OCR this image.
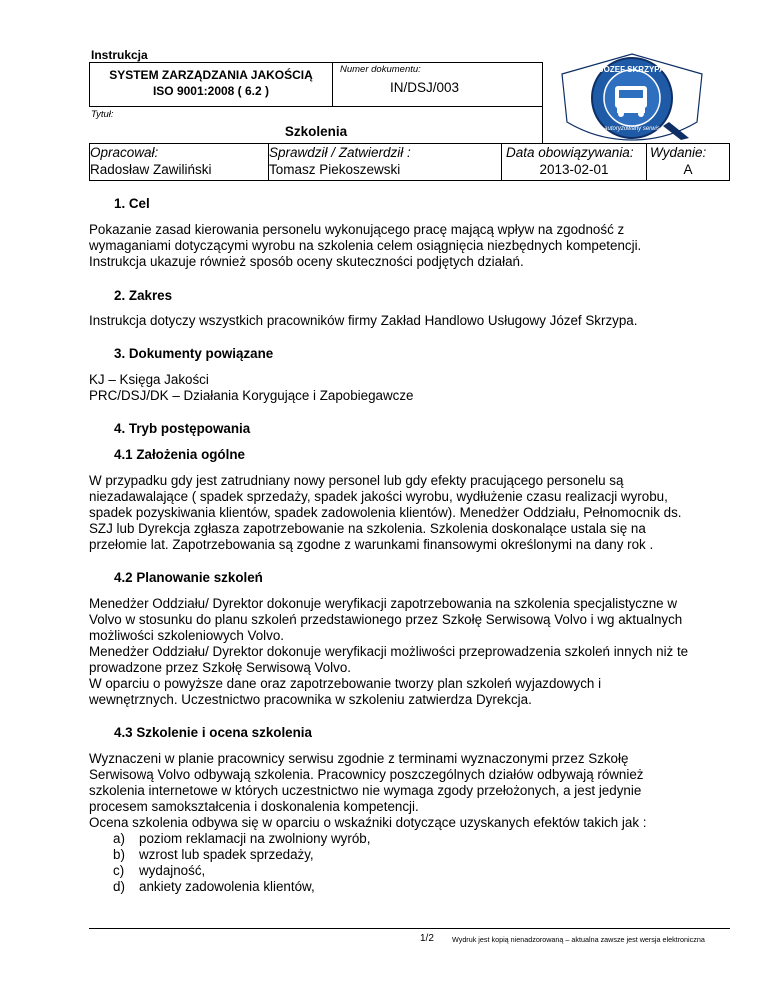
Instrukcja
SYSTEM ZARZĄDZANIA JAKOŚCIĄ
ISO 9001:2008 ( 6.2 )
Numer dokumentu:
IN/DSJ/003
Tytuł:
Szkolenia
Opracował:
Radosław Zawiliński
Sprawdził / Zatwierdził :
Tomasz Piekoszewski
Data obowiązywania:
2013-02-01
Wydanie:
A
JÓZEF SKRZYPA
autoryzowany serwis
1. Cel
Pokazanie zasad kierowania personelu wykonującego pracę mającą wpływ na zgodność z
wymaganiami dotyczącymi wyrobu na szkolenia celem osiągnięcia niezbędnych kompetencji.
Instrukcja ukazuje również sposób oceny skuteczności podjętych działań.
2. Zakres
Instrukcja dotyczy wszystkich pracowników firmy Zakład Handlowo Usługowy Józef Skrzypa.
3. Dokumenty powiązane
KJ – Księga Jakości
PRC/DSJ/DK – Działania Korygujące i Zapobiegawcze
4. Tryb postępowania
4.1 Założenia ogólne
W przypadku gdy jest zatrudniany nowy personel lub gdy efekty pracującego personelu są
niezadawalające ( spadek sprzedaży, spadek jakości wyrobu, wydłużenie czasu realizacji wyrobu,
spadek pozyskiwania klientów, spadek zadowolenia klientów). Menedżer Oddziału, Pełnomocnik ds.
SZJ lub Dyrekcja zgłasza zapotrzebowanie na szkolenia. Szkolenia doskonalące ustala się na
przełomie lat. Zapotrzebowania są zgodne z warunkami finansowymi określonymi na dany rok .
4.2 Planowanie szkoleń
Menedżer Oddziału/ Dyrektor dokonuje weryfikacji zapotrzebowania na szkolenia specjalistyczne w
Volvo w stosunku do planu szkoleń przedstawionego przez Szkołę Serwisową Volvo i wg aktualnych
możliwości szkoleniowych Volvo.
Menedżer Oddziału/ Dyrektor dokonuje weryfikacji możliwości przeprowadzenia szkoleń innych niż te
prowadzone przez Szkołę Serwisową Volvo.
W oparciu o powyższe dane oraz zapotrzebowanie tworzy plan szkoleń wyjazdowych i
wewnętrznych. Uczestnictwo pracownika w szkoleniu zatwierdza Dyrekcja.
4.3 Szkolenie i ocena szkolenia
Wyznaczeni w planie pracownicy serwisu zgodnie z terminami wyznaczonymi przez Szkołę
Serwisową Volvo odbywają szkolenia. Pracownicy poszczególnych działów odbywają również
szkolenia internetowe w których uczestnictwo nie wymaga zgody przełożonych, a jest jedynie
procesem samokształcenia i doskonalenia kompetencji.
Ocena szkolenia odbywa się w oparciu o wskaźniki dotyczące uzyskanych efektów takich jak :
a) poziom reklamacji na zwolniony wyrób,
b) wzrost lub spadek sprzedaży,
c) wydajność,
d) ankiety zadowolenia klientów,
1/2	Wydruk jest kopią nienadzorowaną – aktualna zawsze jest wersja elektroniczna
